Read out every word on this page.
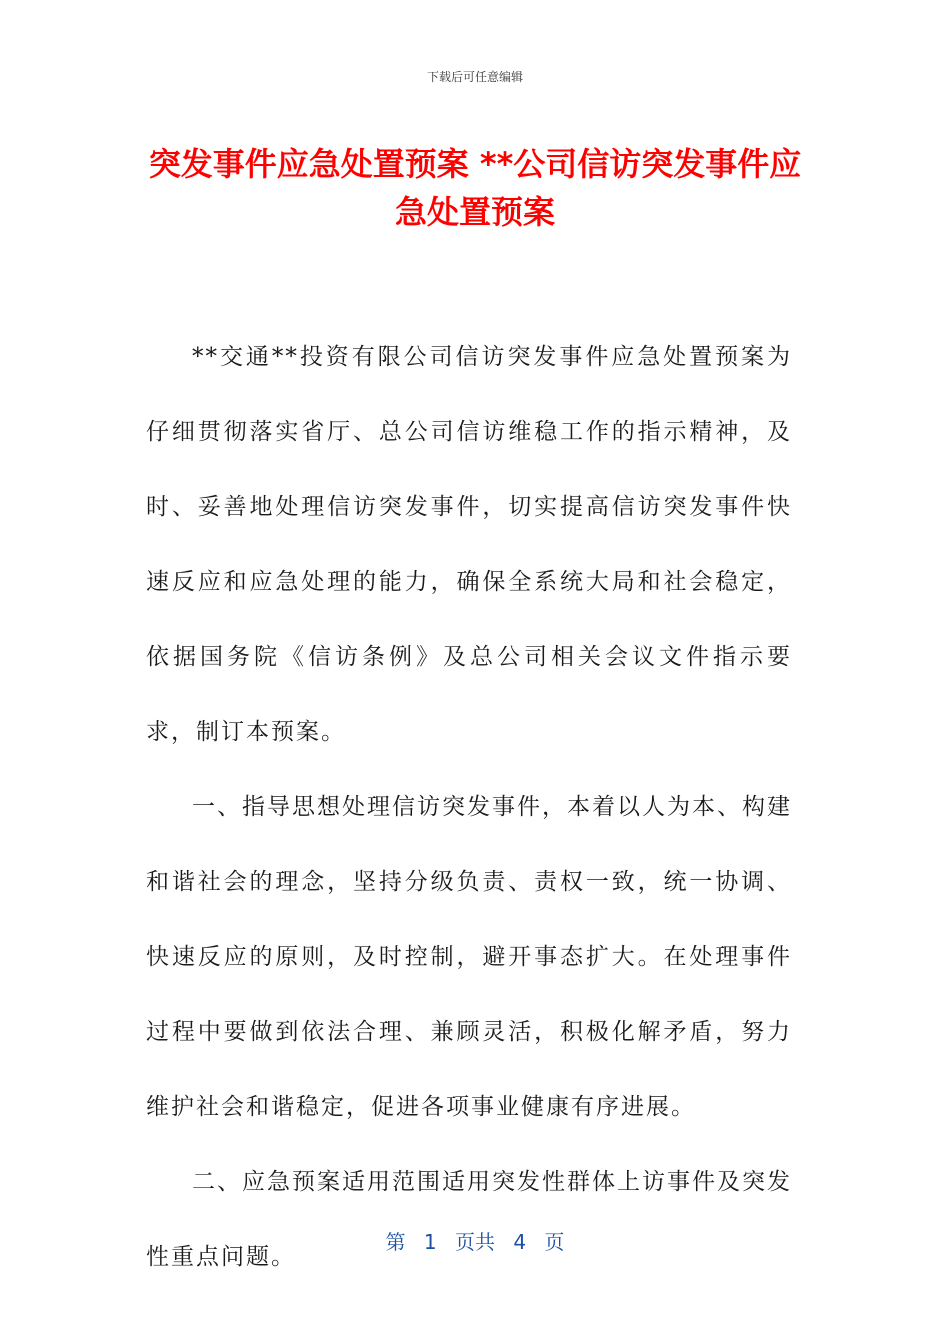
下载后可任意编辑
突发事件应急处置预案 **公司信访突发事件应急处置预案

**交通**投资有限公司信访突发事件应急处置预案为仔细贯彻落实省厅、总公司信访维稳工作的指示精神，及时、妥善地处理信访突发事件，切实提高信访突发事件快速反应和应急处理的能力，确保全系统大局和社会稳定，依据国务院《信访条例》及总公司相关会议文件指示要求，制订本预案。

一、指导思想处理信访突发事件，本着以人为本、构建和谐社会的理念，坚持分级负责、责权一致，统一协调、快速反应的原则，及时控制，避开事态扩大。在处理事件过程中要做到依法合理、兼顾灵活，积极化解矛盾，努力维护社会和谐稳定，促进各项事业健康有序进展。

二、应急预案适用范围适用突发性群体上访事件及突发性重点问题。

第 1 页共 4 页
